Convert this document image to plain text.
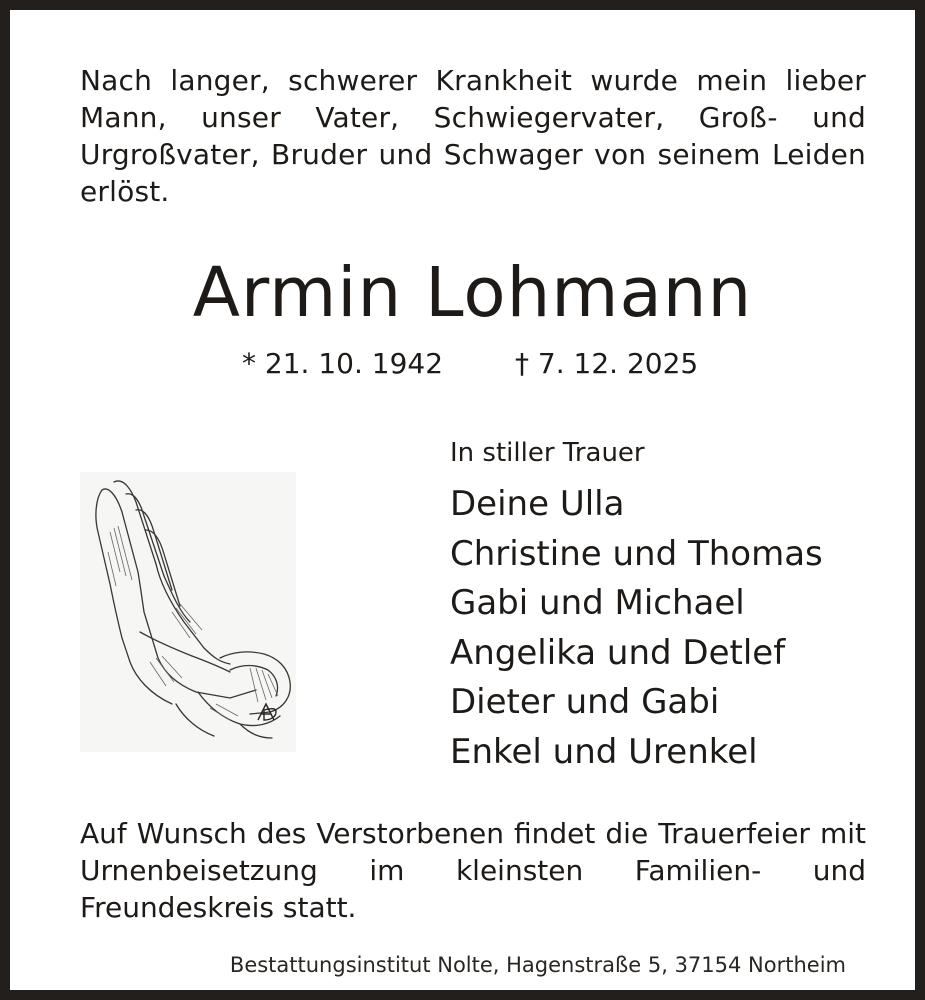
Nach langer, schwerer Krankheit wurde mein lieber Mann, unser Vater, Schwiegervater, Groß- und Urgroßvater, Bruder und Schwager von seinem Leiden erlöst.

Armin Lohmann
* 21. 10. 1942	† 7. 12. 2025
In stiller Trauer
Deine Ulla
Christine und Thomas
Gabi und Michael
Angelika und Detlef
Dieter und Gabi
Enkel und Urenkel

Auf Wunsch des Verstorbenen findet die Trauerfeier mit Urnenbeisetzung im kleinsten Familien- und Freundeskreis statt.

Bestattungsinstitut Nolte, Hagenstraße 5, 37154 Northeim
